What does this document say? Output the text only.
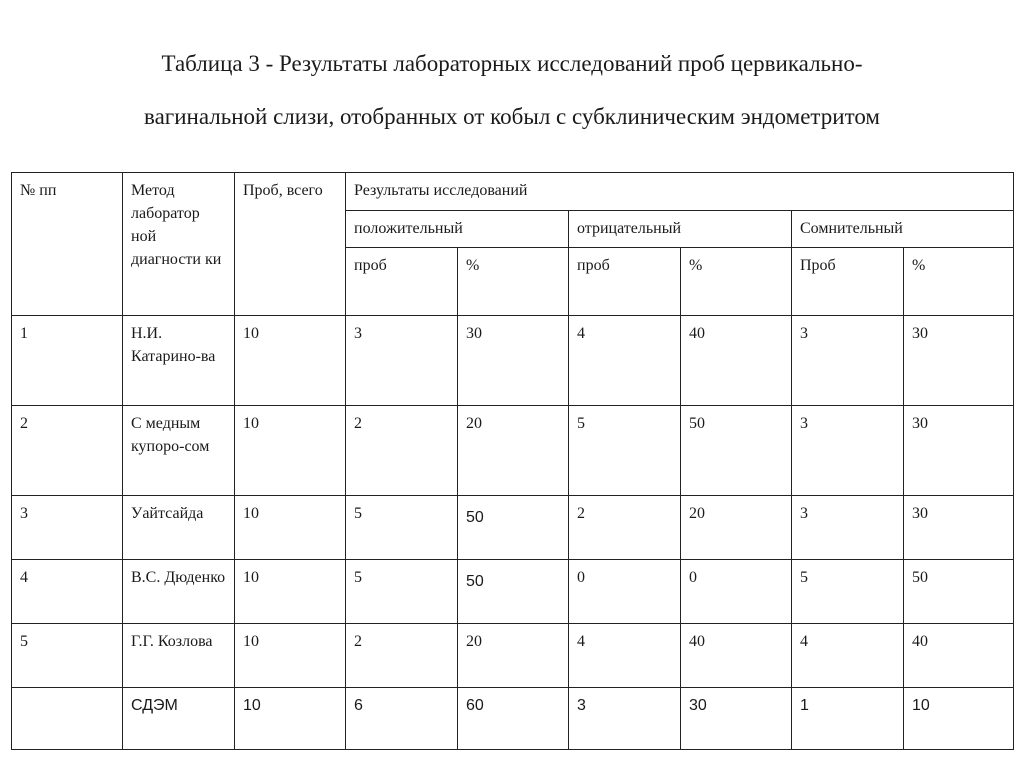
Таблица 3 - Результаты лабораторных исследований проб цервикально-
вагинальной слизи, отобранных от кобыл с субклиническим эндометритом
№ пп	Метод лаборатор ной диагности ки	Проб, всего	Результаты исследований					
			положительный		отрицательный		Сомнительный	
			проб	%	проб	%	Проб	%
1	Н.И. Катарино-ва	10	3	30	4	40	3	30
2	С медным купоро-сом	10	2	20	5	50	3	30
3	Уайтсайда	10	5	50	2	20	3	30
4	В.С. Дюденко	10	5	50	0	0	5	50
5	Г.Г. Козлова	10	2	20	4	40	4	40
	СДЭМ	10	6	60	3	30	1	10
